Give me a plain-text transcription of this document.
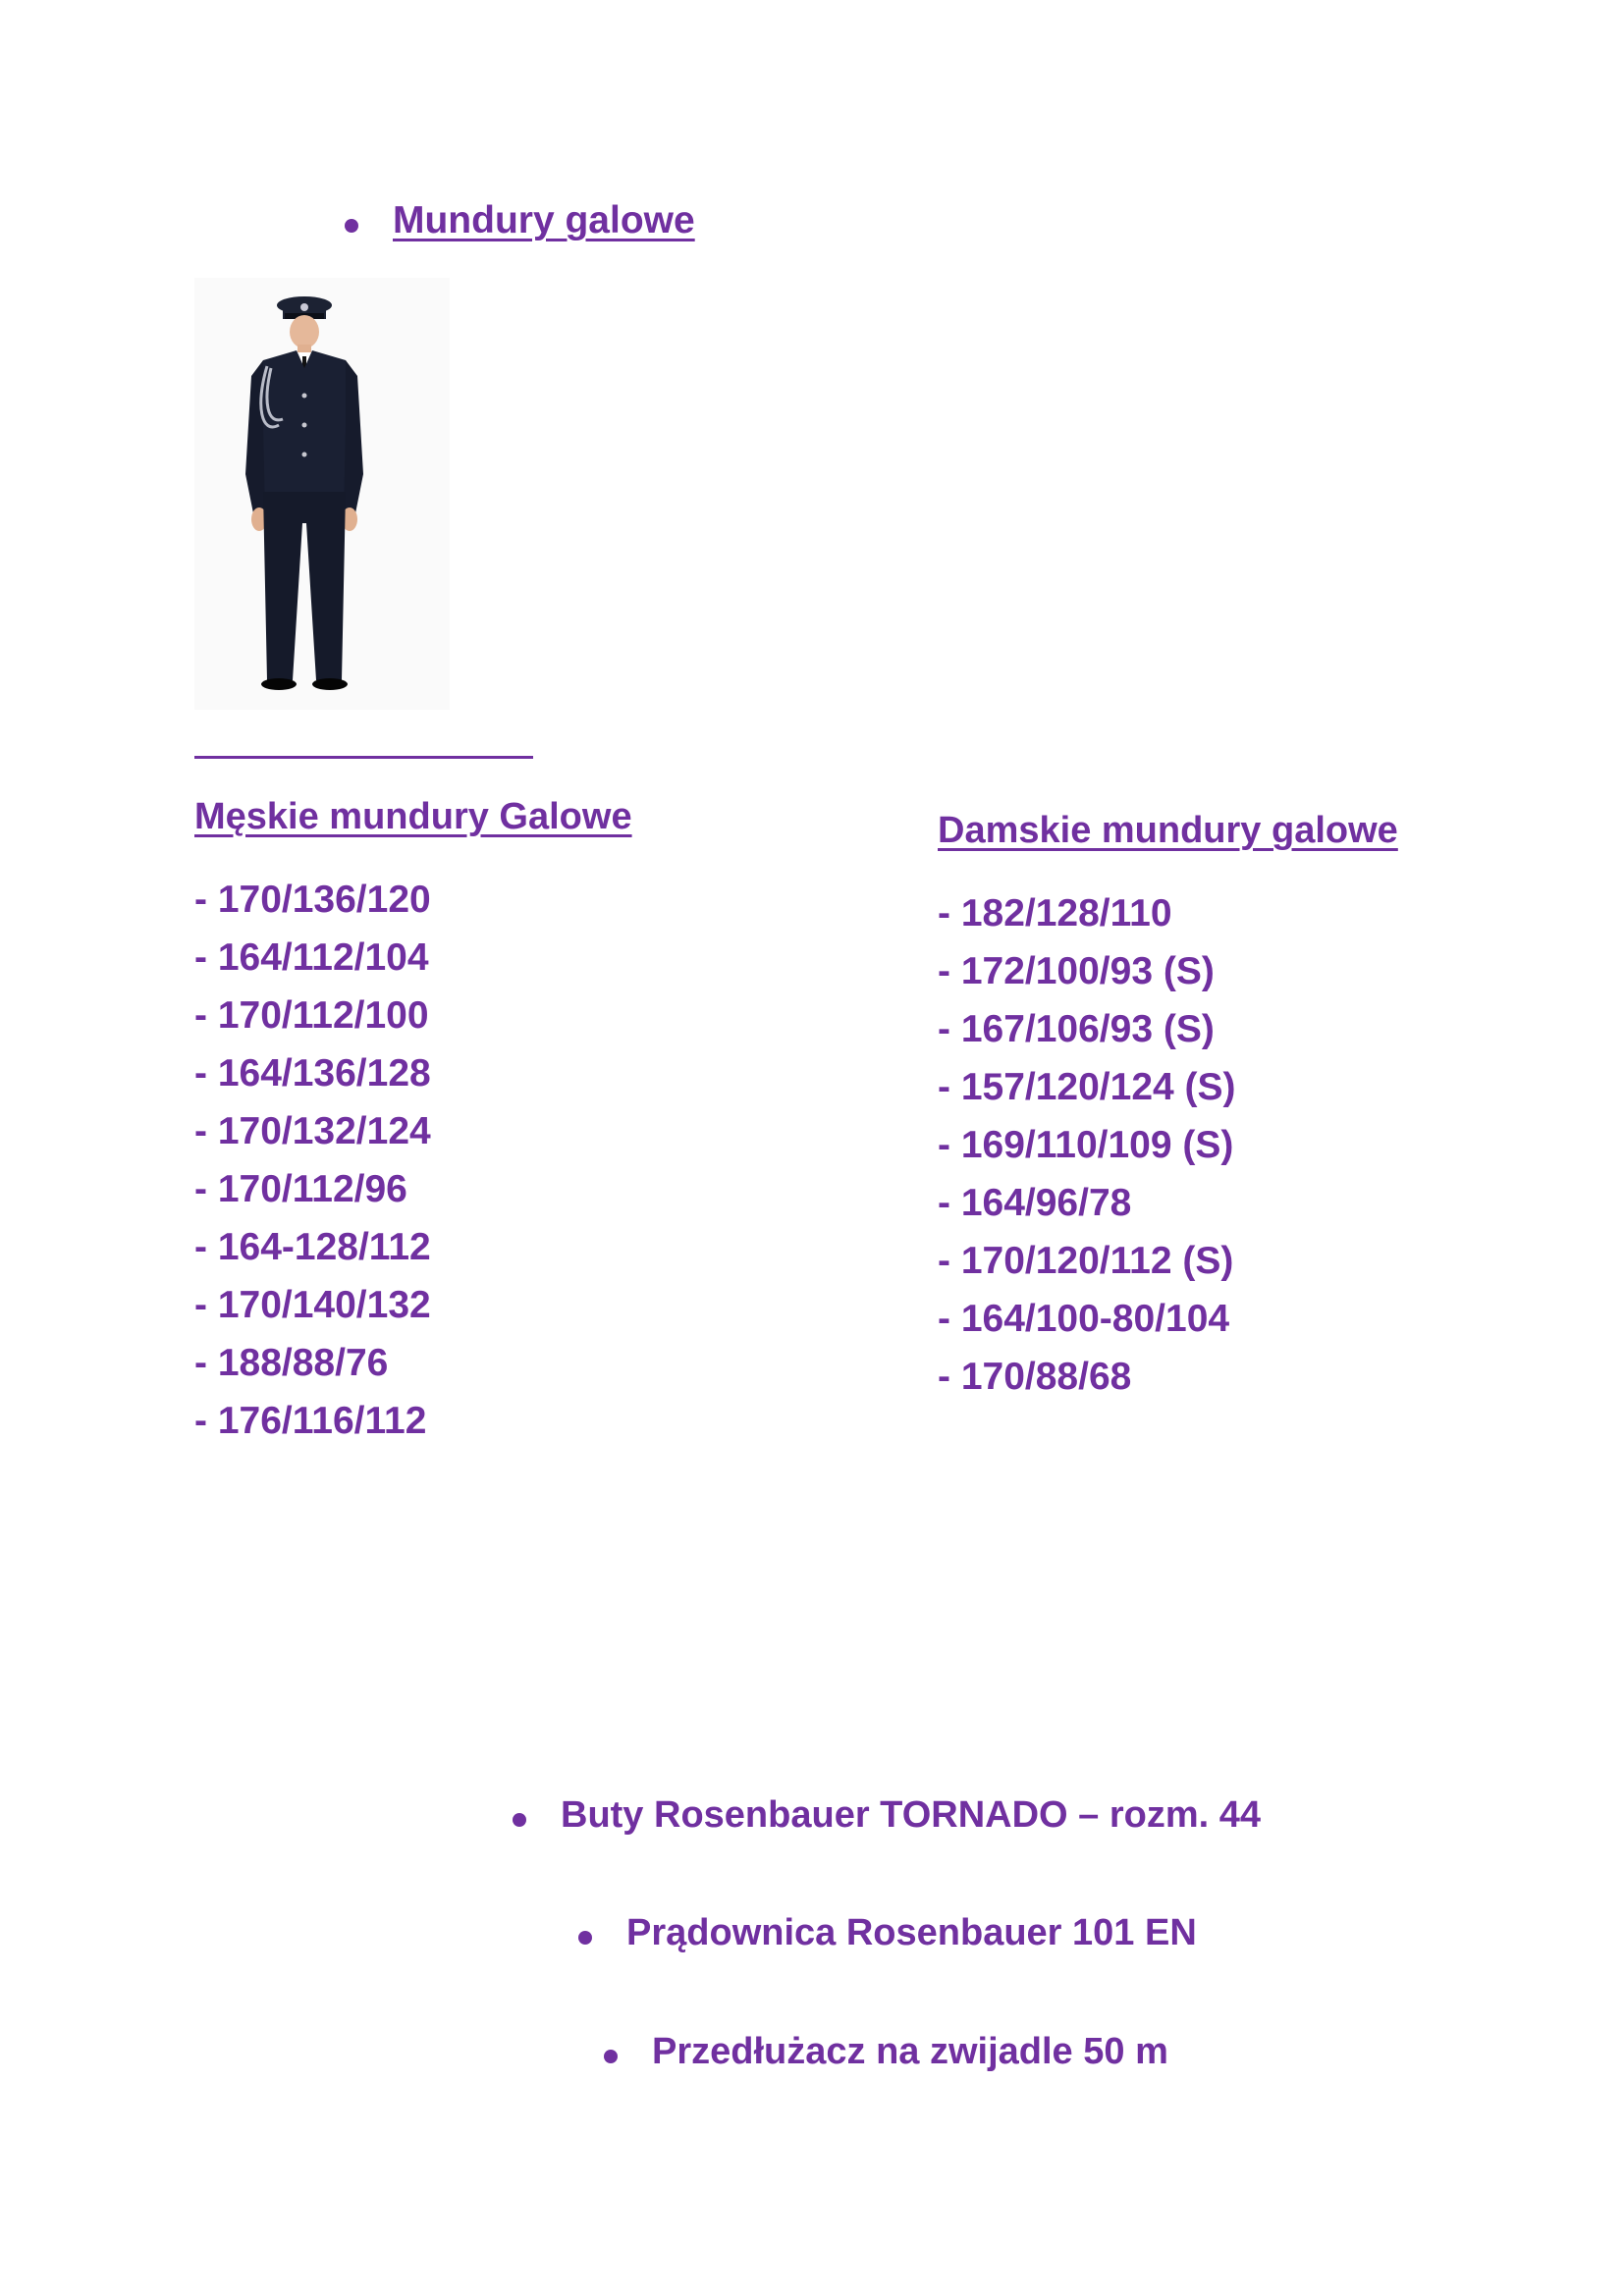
Mundury galowe
Męskie mundury Galowe
- 170/136/120
- 164/112/104
- 170/112/100
- 164/136/128
- 170/132/124
- 170/112/96
- 164-128/112
- 170/140/132
- 188/88/76
- 176/116/112
Damskie mundury galowe
- 182/128/110
- 172/100/93 (S)
- 167/106/93 (S)
- 157/120/124 (S)
- 169/110/109 (S)
- 164/96/78
- 170/120/112 (S)
- 164/100-80/104
- 170/88/68
Buty Rosenbauer TORNADO – rozm. 44
Prądownica Rosenbauer 101 EN
Przedłużacz na zwijadle 50 m
